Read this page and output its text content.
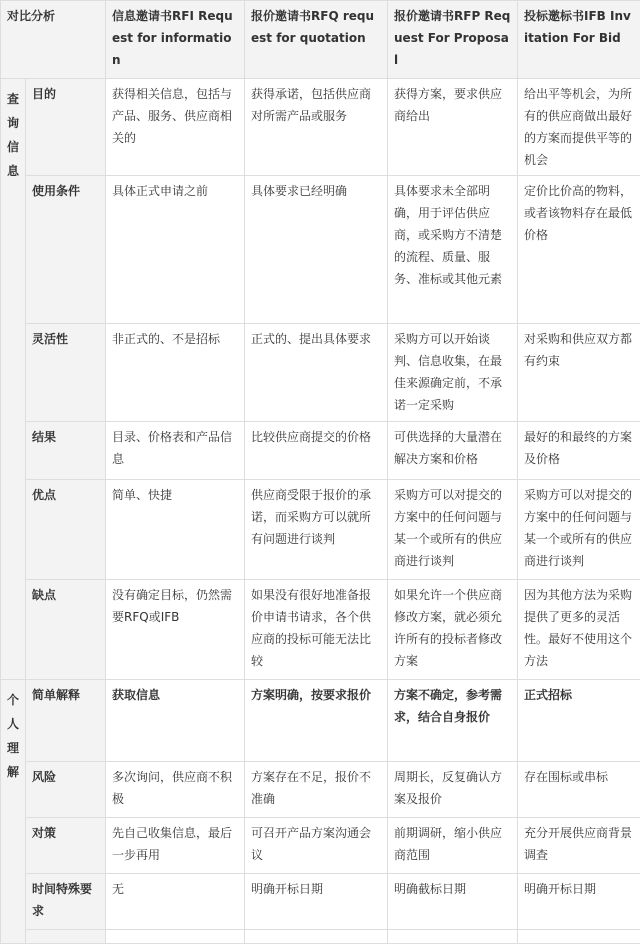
对比分析		信息邀请书RFI Request for information	报价邀请书RFQ request for quotation	报价邀请书RFP Request For Proposal	投标邀标书IFB Invitation For Bid
查询信息	目的	获得相关信息，包括与产品、服务、供应商相关的	获得承诺，包括供应商对所需产品或服务	获得方案，要求供应商给出	给出平等机会，为所有的供应商做出最好的方案而提供平等的机会
	使用条件	具体正式申请之前	具体要求已经明确	具体要求未全部明确，用于评估供应商，或采购方不清楚的流程、质量、服务、准标或其他元素	定价比价高的物料，或者该物料存在最低价格
	灵活性	非正式的、不是招标	正式的、提出具体要求	采购方可以开始谈判、信息收集，在最佳来源确定前，不承诺一定采购	对采购和供应双方都有约束
	结果	目录、价格表和产品信息	比较供应商提交的价格	可供选择的大量潜在解决方案和价格	最好的和最终的方案及价格
	优点	简单、快捷	供应商受限于报价的承诺，而采购方可以就所有问题进行谈判	采购方可以对提交的方案中的任何问题与某一个或所有的供应商进行谈判	采购方可以对提交的方案中的任何问题与某一个或所有的供应商进行谈判
	缺点	没有确定目标，仍然需要RFQ或IFB	如果没有很好地准备报价申请书请求，各个供应商的投标可能无法比较	如果允许一个供应商修改方案，就必须允许所有的投标者修改方案	因为其他方法为采购提供了更多的灵活性。最好不使用这个方法
个人理解	简单解释	获取信息	方案明确，按要求报价	方案不确定，参考需求，结合自身报价	正式招标
	风险	多次询问，供应商不积极	方案存在不足，报价不准确	周期长，反复确认方案及报价	存在围标或串标
	对策	先自己收集信息，最后一步再用	可召开产品方案沟通会议	前期调研，缩小供应商范围	充分开展供应商背景调查
	时间特殊要求	无	明确开标日期	明确截标日期	明确开标日期
